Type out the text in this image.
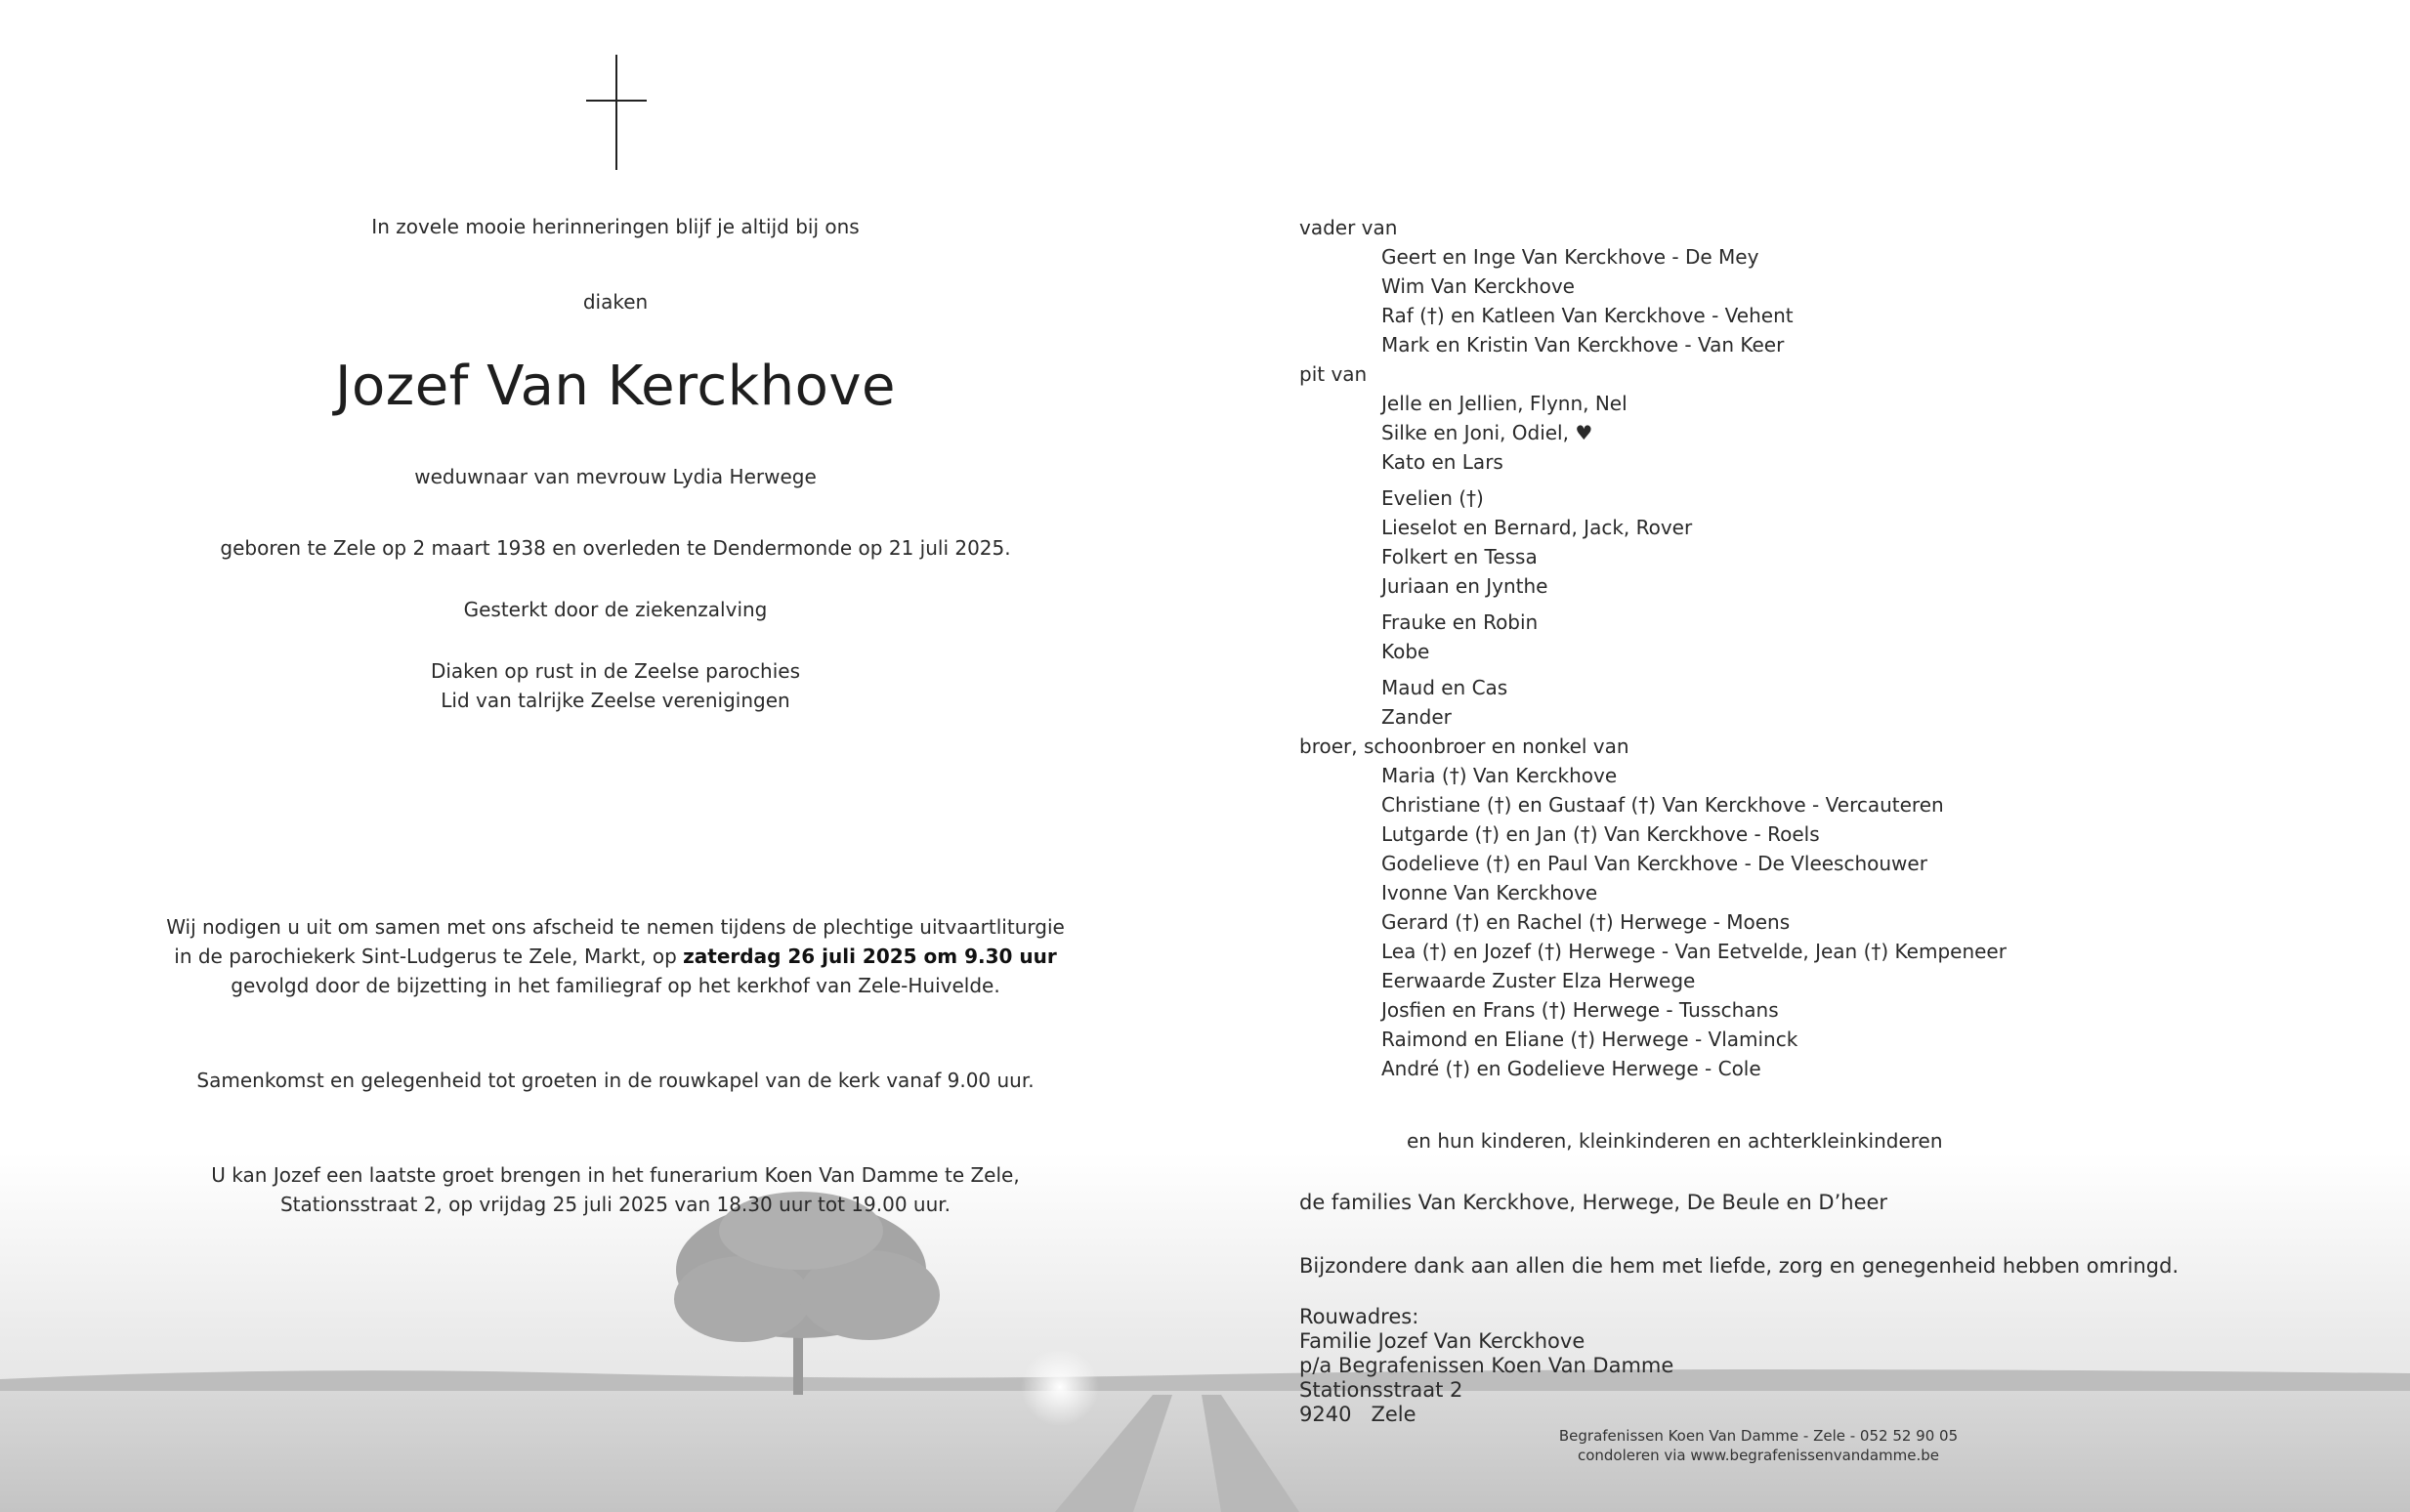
In zovele mooie herinneringen blijf je altijd bij ons
diaken
Jozef Van Kerckhove
weduwnaar van mevrouw Lydia Herwege
geboren te Zele op 2 maart 1938 en overleden te Dendermonde op 21 juli 2025.
Gesterkt door de ziekenzalving
Diaken op rust in de Zeelse parochies
Lid van talrijke Zeelse verenigingen
Wij nodigen u uit om samen met ons afscheid te nemen tijdens de plechtige uitvaartliturgie
in de parochiekerk Sint-Ludgerus te Zele, Markt, op zaterdag 26 juli 2025 om 9.30 uur
gevolgd door de bijzetting in het familiegraf op het kerkhof van Zele-Huivelde.
Samenkomst en gelegenheid tot groeten in de rouwkapel van de kerk vanaf 9.00 uur.
U kan Jozef een laatste groet brengen in het funerarium Koen Van Damme te Zele,
Stationsstraat 2, op vrijdag 25 juli 2025 van 18.30 uur tot 19.00 uur.
vader van
Geert en Inge Van Kerckhove - De Mey
Wim Van Kerckhove
Raf (†) en Katleen Van Kerckhove - Vehent
Mark en Kristin Van Kerckhove - Van Keer
pit van
Jelle en Jellien, Flynn, Nel
Silke en Joni, Odiel, ♥
Kato en Lars
Evelien (†)
Lieselot en Bernard, Jack, Rover
Folkert en Tessa
Juriaan en Jynthe
Frauke en Robin
Kobe
Maud en Cas
Zander
broer, schoonbroer en nonkel van
Maria (†) Van Kerckhove
Christiane (†) en Gustaaf (†) Van Kerckhove - Vercauteren
Lutgarde (†) en Jan (†) Van Kerckhove - Roels
Godelieve (†) en Paul Van Kerckhove - De Vleeschouwer
Ivonne Van Kerckhove
Gerard (†) en Rachel (†) Herwege - Moens
Lea (†) en Jozef (†) Herwege - Van Eetvelde, Jean (†) Kempeneer
Eerwaarde Zuster Elza Herwege
Josfien en Frans (†) Herwege - Tusschans
Raimond en Eliane (†) Herwege - Vlaminck
André (†) en Godelieve Herwege - Cole
en hun kinderen, kleinkinderen en achterkleinkinderen
de families Van Kerckhove, Herwege, De Beule en D’heer
Bijzondere dank aan allen die hem met liefde, zorg en genegenheid hebben omringd.
Rouwadres:
Familie Jozef Van Kerckhove
p/a Begrafenissen Koen Van Damme
Stationsstraat 2
9240   Zele
Begrafenissen Koen Van Damme - Zele - 052 52 90 05
condoleren via www.begrafenissenvandamme.be
